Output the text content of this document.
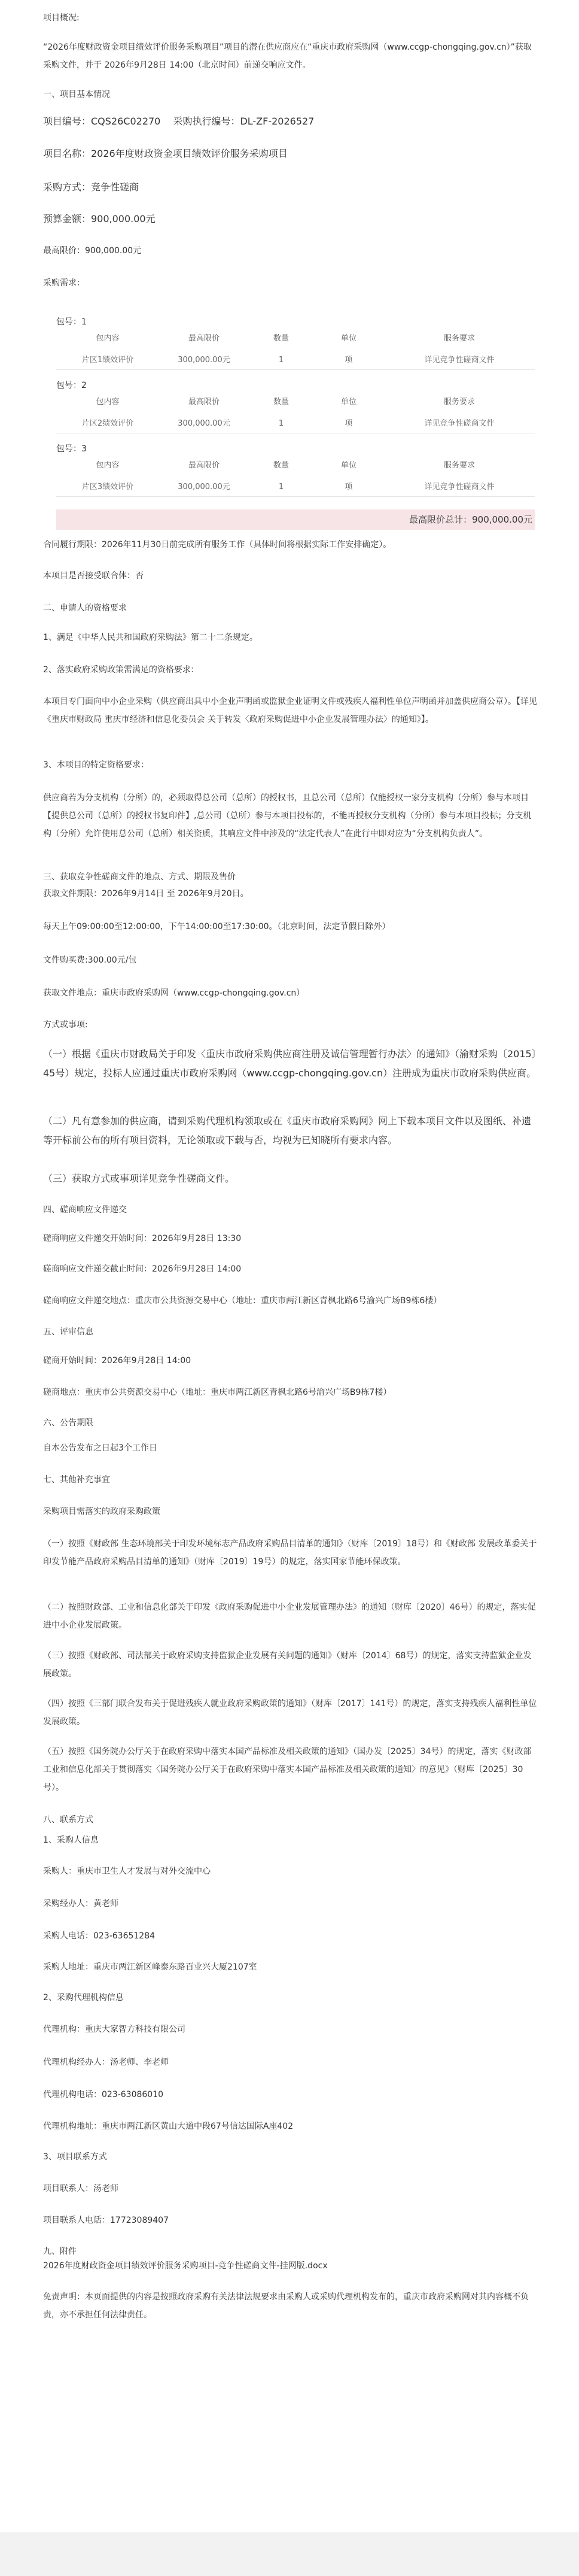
项目概况:
“2026年度财政资金项目绩效评价服务采购项目”项目的潜在供应商应在“重庆市政府采购网（www.ccgp-chongqing.gov.cn）”获取采购文件，并于 2026年9月28日 14:00（北京时间）前递交响应文件。
一、项目基本情况
项目编号：CQS26C02270　 采购执行编号：DL-ZF-2026527
项目名称：2026年度财政资金项目绩效评价服务采购项目
采购方式：竞争性磋商
预算金额：900,000.00元
最高限价：900,000.00元
采购需求：
包号：1
包内容	最高限价	数量	单位	服务要求
片区1绩效评价	300,000.00元	1	项	详见竞争性磋商文件
包号：2
包内容	最高限价	数量	单位	服务要求
片区2绩效评价	300,000.00元	1	项	详见竞争性磋商文件
包号：3
包内容	最高限价	数量	单位	服务要求
片区3绩效评价	300,000.00元	1	项	详见竞争性磋商文件
最高限价总计：900,000.00元
合同履行期限：2026年11月30日前完成所有服务工作（具体时间将根据实际工作安排确定）。
本项目是否接受联合体：否
二、申请人的资格要求
1、满足《中华人民共和国政府采购法》第二十二条规定。
2、落实政府采购政策需满足的资格要求：
本项目专门面向中小企业采购（供应商出具中小企业声明函或监狱企业证明文件或残疾人福利性单位声明函并加盖供应商公章）。【详见《重庆市财政局 重庆市经济和信息化委员会 关于转发〈政府采购促进中小企业发展管理办法〉的通知》】。
3、本项目的特定资格要求：
供应商若为分支机构（分所）的，必须取得总公司（总所）的授权书，且总公司（总所）仅能授权一家分支机构（分所）参与本项目【提供总公司（总所）的授权书复印件】,总公司（总所）参与本项目投标的，不能再授权分支机构（分所）参与本项目投标；分支机构（分所）允许使用总公司（总所）相关资质，其响应文件中涉及的“法定代表人”在此行中即对应为“分支机构负责人”。
三、获取竞争性磋商文件的地点、方式、期限及售价
获取文件期限：2026年9月14日 至 2026年9月20日。
每天上午09:00:00至12:00:00，下午14:00:00至17:30:00。（北京时间，法定节假日除外）
文件购买费:300.00元/包
获取文件地点：重庆市政府采购网（www.ccgp-chongqing.gov.cn）
方式或事项:
（一）根据《重庆市财政局关于印发〈重庆市政府采购供应商注册及诚信管理暂行办法〉的通知》（渝财采购〔2015〕45号）规定，投标人应通过重庆市政府采购网（www.ccgp-chongqing.gov.cn）注册成为重庆市政府采购供应商。
（二）凡有意参加的供应商，请到采购代理机构领取或在《重庆市政府采购网》网上下载本项目文件以及图纸、补遗等开标前公布的所有项目资料，无论领取或下载与否，均视为已知晓所有要求内容。
（三）获取方式或事项详见竞争性磋商文件。
四、磋商响应文件递交
磋商响应文件递交开始时间：2026年9月28日 13:30
磋商响应文件递交截止时间：2026年9月28日 14:00
磋商响应文件递交地点：重庆市公共资源交易中心（地址：重庆市两江新区青枫北路6号渝兴广场B9栋6楼）
五、评审信息
磋商开始时间：2026年9月28日 14:00
磋商地点：重庆市公共资源交易中心（地址：重庆市两江新区青枫北路6号渝兴广场B9栋7楼）
六、公告期限
自本公告发布之日起3个工作日
七、其他补充事宜
采购项目需落实的政府采购政策
（一）按照《财政部 生态环境部关于印发环境标志产品政府采购品目清单的通知》（财库〔2019〕18号）和《财政部 发展改革委关于印发节能产品政府采购品目清单的通知》（财库〔2019〕19号）的规定，落实国家节能环保政策。
（二）按照财政部、工业和信息化部关于印发《政府采购促进中小企业发展管理办法》的通知（财库〔2020〕46号）的规定，落实促进中小企业发展政策。
（三）按照《财政部、司法部关于政府采购支持监狱企业发展有关问题的通知》（财库〔2014〕68号）的规定，落实支持监狱企业发展政策。
（四）按照《三部门联合发布关于促进残疾人就业政府采购政策的通知》（财库〔2017〕141号）的规定，落实支持残疾人福利性单位发展政策。
（五）按照《国务院办公厅关于在政府采购中落实本国产品标准及相关政策的通知》（国办发〔2025〕34号）的规定，落实《财政部 工业和信息化部关于贯彻落实〈国务院办公厅关于在政府采购中落实本国产品标准及相关政策的通知〉的意见》（财库〔2025〕30号）。
八、联系方式
1、采购人信息
采购人：重庆市卫生人才发展与对外交流中心
采购经办人：黄老师
采购人电话：023-63651284
采购人地址：重庆市两江新区峰泰东路百业兴大厦2107室
2、采购代理机构信息
代理机构：重庆大家智方科技有限公司
代理机构经办人：汤老师、李老师
代理机构电话：023-63086010
代理机构地址：重庆市两江新区黄山大道中段67号信达国际A座402
3、项目联系方式
项目联系人：汤老师
项目联系人电话：17723089407
九、附件
2026年度财政资金项目绩效评价服务采购项目-竞争性磋商文件-挂网版.docx
免责声明：本页面提供的内容是按照政府采购有关法律法规要求由采购人或采购代理机构发布的，重庆市政府采购网对其内容概不负责，亦不承担任何法律责任。
